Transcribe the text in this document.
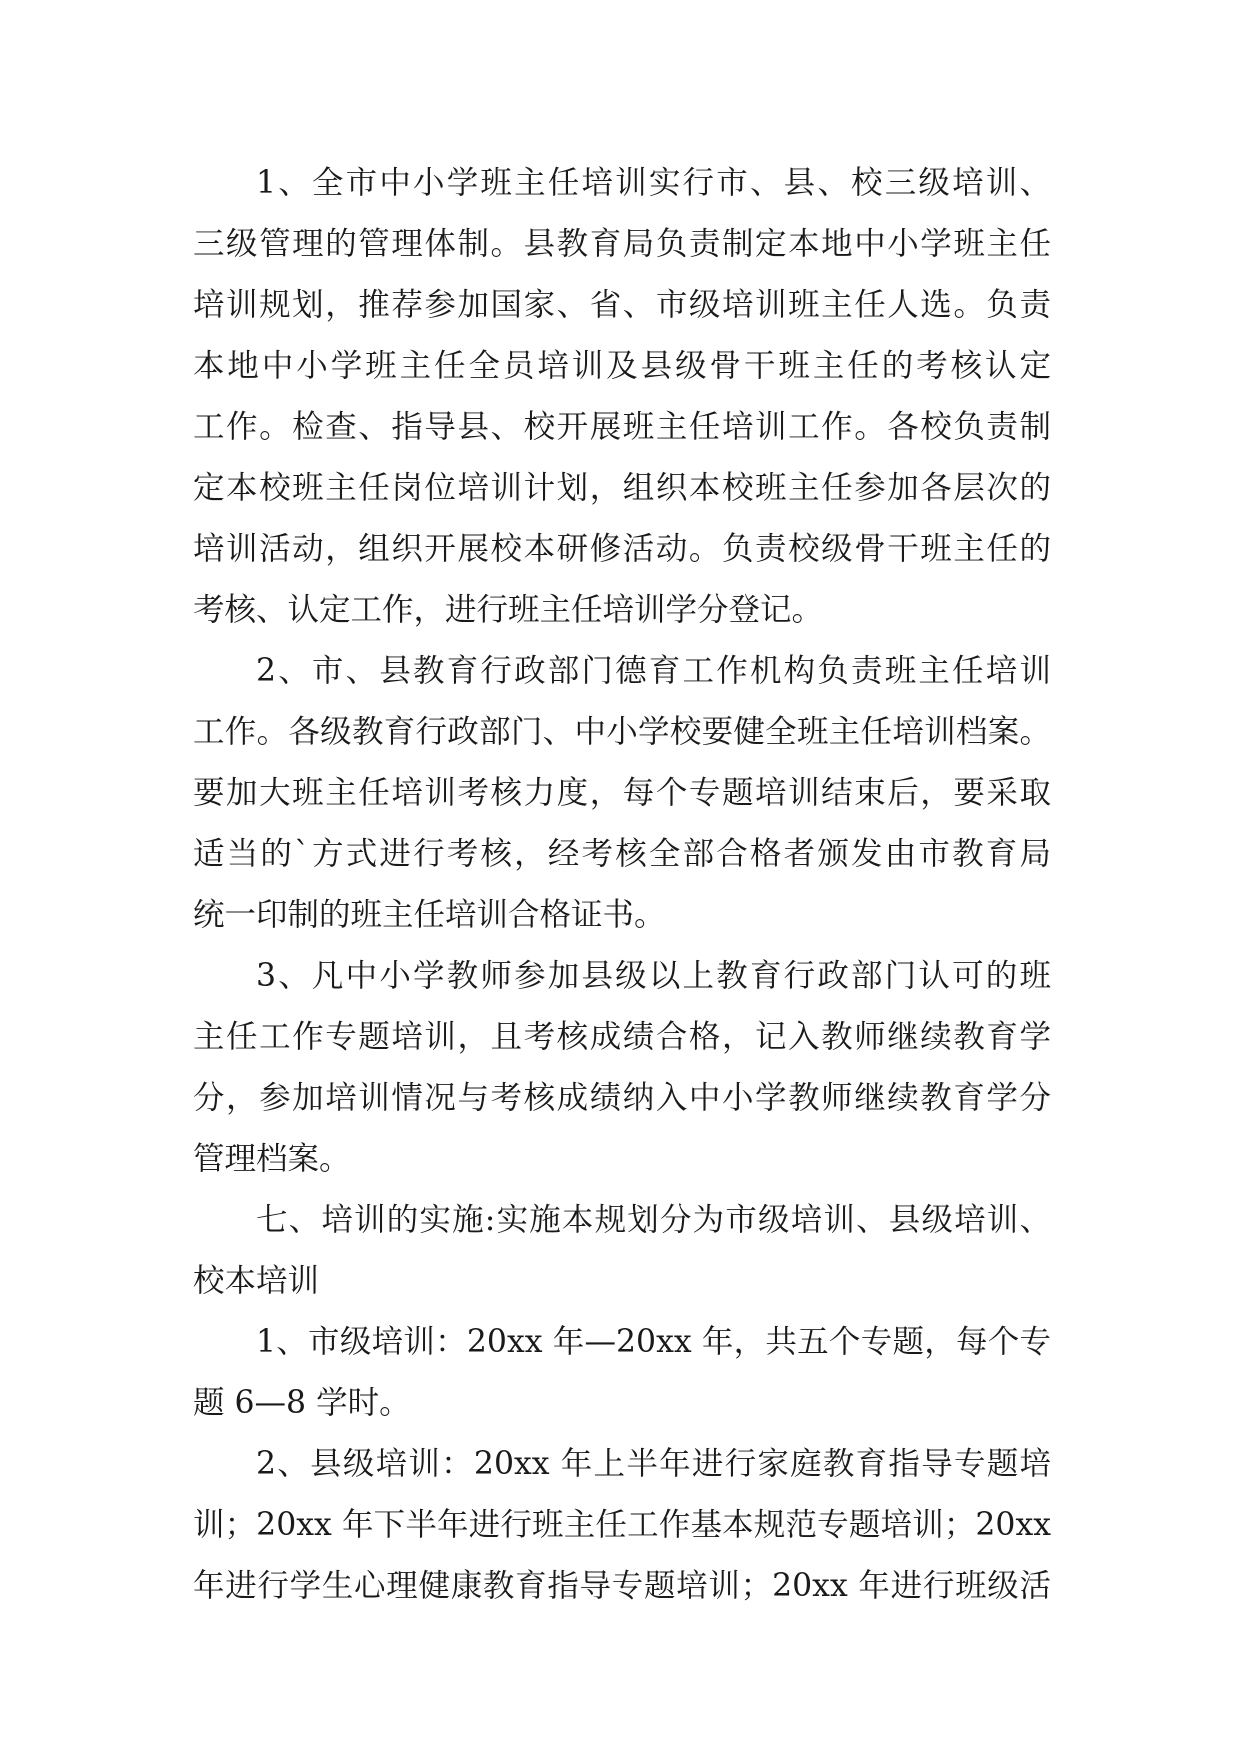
1、全市中小学班主任培训实行市、县、校三级培训、
三级管理的管理体制。县教育局负责制定本地中小学班主任
培训规划，推荐参加国家、省、市级培训班主任人选。负责
本地中小学班主任全员培训及县级骨干班主任的考核认定
工作。检查、指导县、校开展班主任培训工作。各校负责制
定本校班主任岗位培训计划，组织本校班主任参加各层次的
培训活动，组织开展校本研修活动。负责校级骨干班主任的
考核、认定工作，进行班主任培训学分登记。
2、市、县教育行政部门德育工作机构负责班主任培训
工作。各级教育行政部门、中小学校要健全班主任培训档案。
要加大班主任培训考核力度，每个专题培训结束后，要采取
适当的`方式进行考核，经考核全部合格者颁发由市教育局
统一印制的班主任培训合格证书。
3、凡中小学教师参加县级以上教育行政部门认可的班
主任工作专题培训，且考核成绩合格，记入教师继续教育学
分，参加培训情况与考核成绩纳入中小学教师继续教育学分
管理档案。
七、培训的实施:实施本规划分为市级培训、县级培训、
校本培训
1、市级培训：20xx 年—20xx 年，共五个专题，每个专
题 6—8 学时。
2、县级培训：20xx 年上半年进行家庭教育指导专题培
训；20xx 年下半年进行班主任工作基本规范专题培训；20xx
年进行学生心理健康教育指导专题培训；20xx 年进行班级活
